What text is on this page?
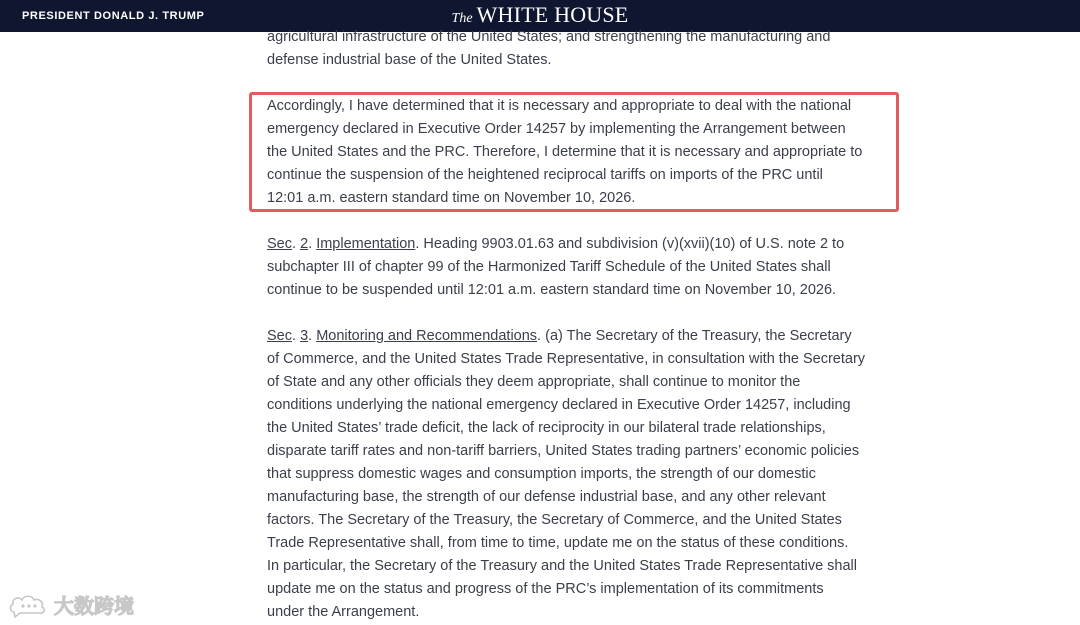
PRESIDENT DONALD J. TRUMP	The WHITE HOUSE
agricultural infrastructure of the United States; and strengthening the manufacturing and
defense industrial base of the United States.
Accordingly, I have determined that it is necessary and appropriate to deal with the national
emergency declared in Executive Order 14257 by implementing the Arrangement between
the United States and the PRC. Therefore, I determine that it is necessary and appropriate to
continue the suspension of the heightened reciprocal tariffs on imports of the PRC until
12:01 a.m. eastern standard time on November 10, 2026.
Sec. 2. Implementation. Heading 9903.01.63 and subdivision (v)(xvii)(10) of U.S. note 2 to
subchapter III of chapter 99 of the Harmonized Tariff Schedule of the United States shall
continue to be suspended until 12:01 a.m. eastern standard time on November 10, 2026.
Sec. 3. Monitoring and Recommendations. (a) The Secretary of the Treasury, the Secretary
of Commerce, and the United States Trade Representative, in consultation with the Secretary
of State and any other officials they deem appropriate, shall continue to monitor the
conditions underlying the national emergency declared in Executive Order 14257, including
the United States’ trade deficit, the lack of reciprocity in our bilateral trade relationships,
disparate tariff rates and non-tariff barriers, United States trading partners’ economic policies
that suppress domestic wages and consumption imports, the strength of our domestic
manufacturing base, the strength of our defense industrial base, and any other relevant
factors. The Secretary of the Treasury, the Secretary of Commerce, and the United States
Trade Representative shall, from time to time, update me on the status of these conditions.
In particular, the Secretary of the Treasury and the United States Trade Representative shall
update me on the status and progress of the PRC’s implementation of its commitments
under the Arrangement.
大数跨境
